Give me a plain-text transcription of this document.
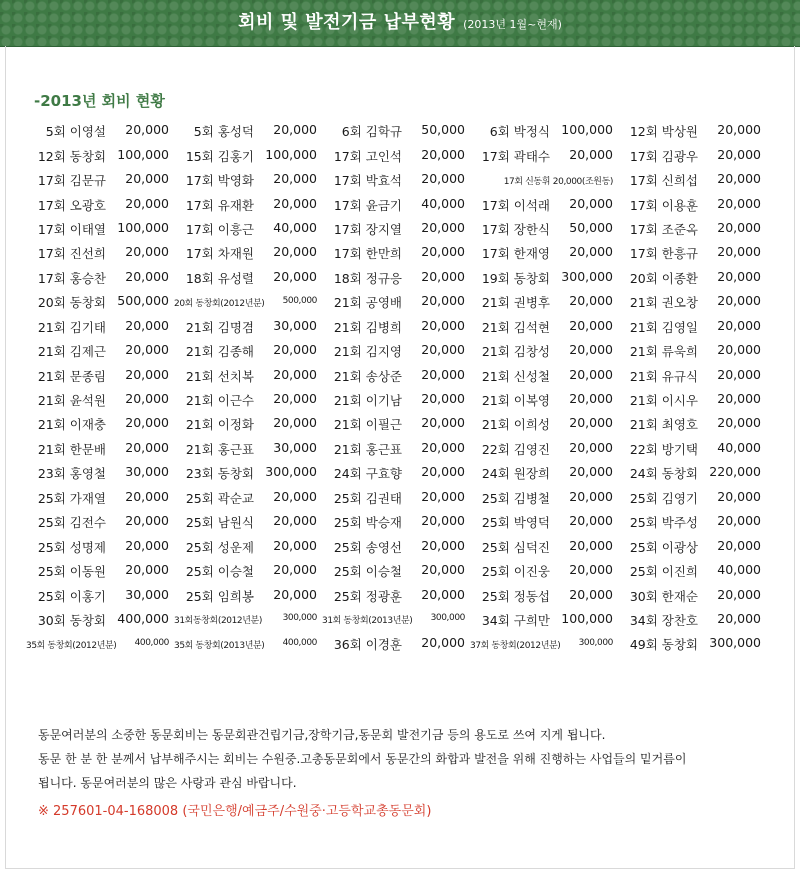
회비 및 발전기금 납부현황 (2013년 1월~현재)
-2013년 회비 현황
5회 이영설	20,000	5회 홍성덕	20,000	6회 김학규	50,000	6회 박정식 100,000	12회 박상원	20,000
12회 동창회 100,000	15회 김홍기 100,000	17회 고인석	20,000	17회 곽태수	20,000	17회 김광우	20,000
17회 김문규	20,000	17회 박영화	20,000	17회 박효석	20,000	17회 신동휘 20,000(조원동)	17회 신희섭	20,000
17회 오광호	20,000	17회 유재환	20,000	17회 윤금기	40,000	17회 이석래	20,000	17회 이용훈	20,000
17회 이태열 100,000	17회 이흥근	40,000	17회 장지열	20,000	17회 장한식	50,000	17회 조준옥	20,000
17회 진선희	20,000	17회 차재원	20,000	17회 한만희	20,000	17회 한재영	20,000	17회 한흥규	20,000
17회 홍승찬	20,000	18회 유성렬	20,000	18회 정규응	20,000	19회 동창회 300,000	20회 이종환	20,000
20회 동창회 500,000 20회 동창회(2012년분)	500,000	21회 공영배	20,000	21회 권병후	20,000	21회 권오창	20,000
21회 김기태	20,000	21회 김명겸	30,000	21회 김병희	20,000	21회 김석현	20,000	21회 김영일	20,000
21회 김제근	20,000	21회 김종해	20,000	21회 김지영	20,000	21회 김창성	20,000	21회 류욱희	20,000
21회 문종림	20,000	21회 선치복	20,000	21회 송상준	20,000	21회 신성철	20,000	21회 유규식	20,000
21회 윤석원	20,000	21회 이근수	20,000	21회 이기남	20,000	21회 이복영	20,000	21회 이시우	20,000
21회 이재충	20,000	21회 이정화	20,000	21회 이필근	20,000	21회 이희성	20,000	21회 최영호	20,000
21회 한문배	20,000	21회 홍근표	30,000	21회 홍근표	20,000	22회 김영진	20,000	22회 방기택	40,000
23회 홍영철	30,000	23회 동창회 300,000	24회 구효향	20,000	24회 원장희	20,000	24회 동창회 220,000
25회 가재열	20,000	25회 곽순교	20,000	25회 김권태	20,000	25회 김병철	20,000	25회 김영기	20,000
25회 김전수	20,000	25회 남원식	20,000	25회 박승재	20,000	25회 박영덕	20,000	25회 박주성	20,000
25회 성명제	20,000	25회 성운제	20,000	25회 송영선	20,000	25회 심덕진	20,000	25회 이광상	20,000
25회 이동원	20,000	25회 이승철	20,000	25회 이승철	20,000	25회 이진웅	20,000	25회 이진희	40,000
25회 이홍기	30,000	25회 임희봉	20,000	25회 정광훈	20,000	25회 정동섭	20,000	30회 한재순	20,000
30회 동창회 400,000 31회동창회(2012년분)	300,000 31회 동창회(2013년분)	300,000	34회 구희만 100,000	34회 장찬호	20,000
35회 동창회(2012년분)	400,000 35회 동창회(2013년분)	400,000	36회 이경훈	20,000 37회 동창회(2012년분)	300,000	49회 동창회 300,000
동문여러분의 소중한 동문회비는 동문회관건립기금,장학기금,동문회 발전기금 등의 용도로 쓰여 지게 됩니다.
동문 한 분 한 분께서 납부해주시는 회비는 수원중.고총동문회에서 동문간의 화합과 발전을 위해 진행하는 사업들의 밑거름이
됩니다. 동문여러분의 많은 사랑과 관심 바랍니다.
※ 257601-04-168008 (국민은행/예금주/수원중·고등학교총동문회)
